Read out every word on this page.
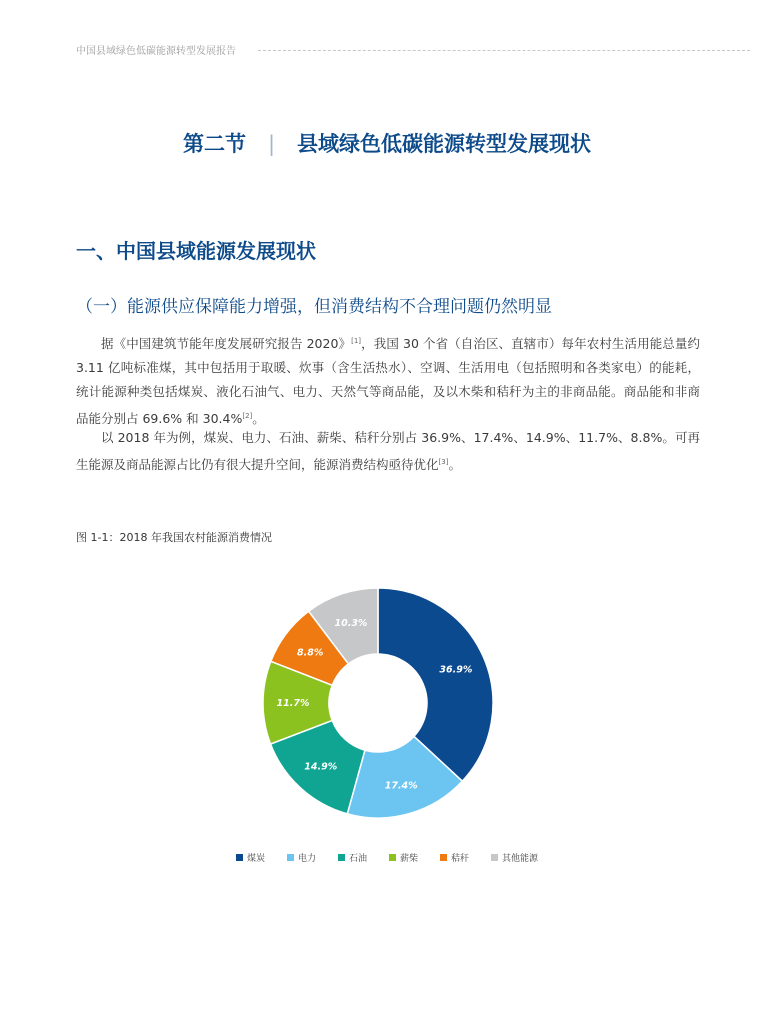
中国县域绿色低碳能源转型发展报告
第二节 | 县域绿色低碳能源转型发展现状
一、中国县域能源发展现状
（一）能源供应保障能力增强，但消费结构不合理问题仍然明显

据《中国建筑节能年度发展研究报告 2020》[1]，我国 30 个省（自治区、直辖市）每年农村生活用能总量约 3.11 亿吨标准煤，其中包括用于取暖、炊事（含生活热水）、空调、生活用电（包括照明和各类家电）的能耗，统计能源种类包括煤炭、液化石油气、电力、天然气等商品能，及以木柴和秸秆为主的非商品能。商品能和非商品能分别占 69.6% 和 30.4%[2]。

以 2018 年为例，煤炭、电力、石油、薪柴、秸秆分别占 36.9%、17.4%、14.9%、11.7%、8.8%。可再生能源及商品能源占比仍有很大提升空间，能源消费结构亟待优化[3]。

图 1-1：2018 年我国农村能源消费情况
36.9%
17.4%
14.9%
11.7%
8.8%
10.3%
煤炭	电力	石油	薪柴	秸秆	其他能源
